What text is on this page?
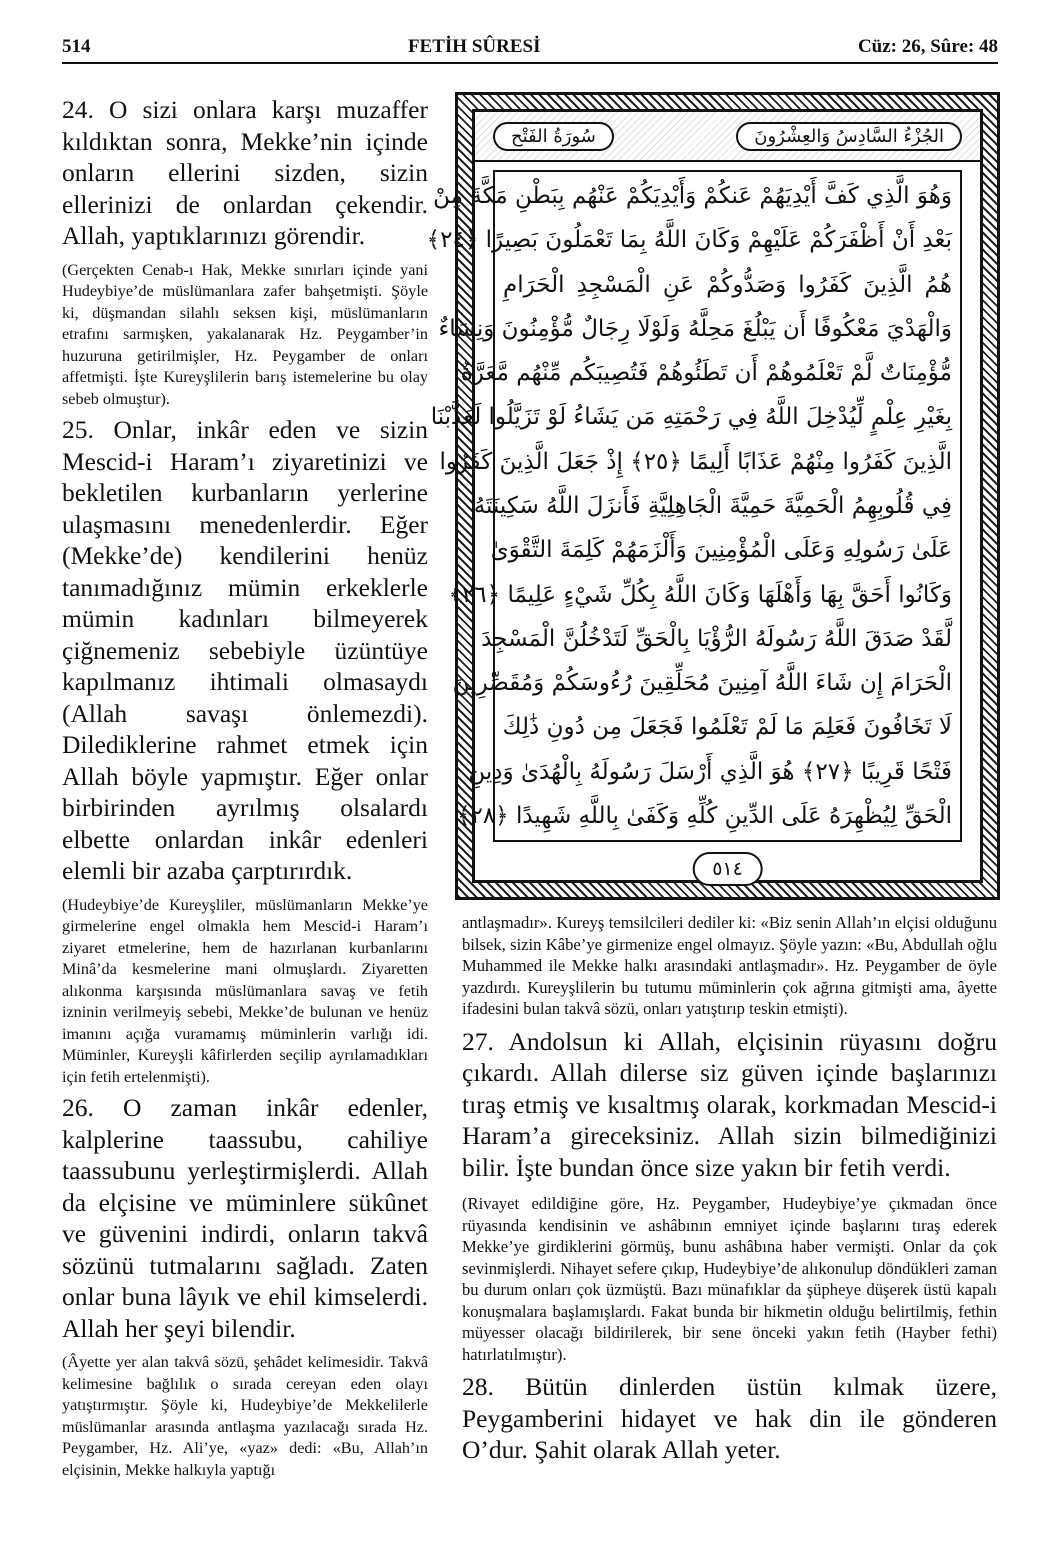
514	FETİH SÛRESİ	Cüz: 26, Sûre: 48

24. O sizi onlara karşı muzaffer kıldıktan sonra, Mekke’nin içinde onların ellerini sizden, sizin ellerinizi de onlardan çekendir. Allah, yaptıklarınızı görendir.

(Gerçekten Cenab-ı Hak, Mekke sınırları içinde yani Hudeybiye’de müslümanlara zafer bahşetmişti. Şöyle ki, düşmandan silahlı seksen kişi, müslümanların etrafını sarmışken, yakalanarak Hz. Peygamber’in huzuruna getirilmişler, Hz. Peygamber de onları affetmişti. İşte Kureyşlilerin barış istemelerine bu olay sebeb olmuştur).

25. Onlar, inkâr eden ve sizin Mescid-i Haram’ı ziyaretinizi ve bekletilen kurbanların yerlerine ulaşmasını menedenlerdir. Eğer (Mekke’de) kendilerini henüz tanımadığınız mümin erkeklerle mümin kadınları bilmeyerek çiğnemeniz sebebiyle üzüntüye kapılmanız ihtimali olmasaydı (Allah savaşı önlemezdi). Dilediklerine rahmet etmek için Allah böyle yapmıştır. Eğer onlar birbirinden ayrılmış olsalardı elbette onlardan inkâr edenleri elemli bir azaba çarptırırdık.

(Hudeybiye’de Kureyşliler, müslümanların Mekke’ye girmelerine engel olmakla hem Mescid-i Haram’ı ziyaret etmelerine, hem de hazırlanan kurbanlarını Minâ’da kesmelerine mani olmuşlardı. Ziyaretten alıkonma karşısında müslümanlara savaş ve fetih izninin verilmeyiş sebebi, Mekke’de bulunan ve henüz imanını açığa vuramamış müminlerin varlığı idi. Müminler, Kureyşli kâfirlerden seçilip ayrılamadıkları için fetih ertelenmişti).

26. O zaman inkâr edenler, kalplerine taassubu, cahiliye taassubunu yerleştirmişlerdi. Allah da elçisine ve müminlere sükûnet ve güvenini indirdi, onların takvâ sözünü tutmalarını sağladı. Zaten onlar buna lâyık ve ehil kimselerdi. Allah her şeyi bilendir.

(Âyette yer alan takvâ sözü, şehâdet kelimesidir. Takvâ kelimesine bağlılık o sırada cereyan eden olayı yatıştırmıştır. Şöyle ki, Hudeybiye’de Mekkelilerle müslümanlar arasında antlaşma yazılacağı sırada Hz. Peygamber, Hz. Ali’ye, «yaz» dedi: «Bu, Allah’ın elçisinin, Mekke halkıyla yaptığı

سُورَةُ الفَتْح	الجُزْءُ السَّادِسُ وَالعِشْرُونَ
وَهُوَ الَّذِي كَفَّ أَيْدِيَهُمْ عَنكُمْ وَأَيْدِيَكُمْ عَنْهُم بِبَطْنِ مَكَّةَ مِنْ
بَعْدِ أَنْ أَظْفَرَكُمْ عَلَيْهِمْ وَكَانَ اللَّهُ بِمَا تَعْمَلُونَ بَصِيرًا ﴿٢٤﴾
هُمُ الَّذِينَ كَفَرُوا وَصَدُّوكُمْ عَنِ الْمَسْجِدِ الْحَرَامِ
وَالْهَدْيَ مَعْكُوفًا أَن يَبْلُغَ مَحِلَّهُ وَلَوْلَا رِجَالٌ مُّؤْمِنُونَ وَنِسَاءٌ
مُّؤْمِنَاتٌ لَّمْ تَعْلَمُوهُمْ أَن تَطَئُوهُمْ فَتُصِيبَكُم مِّنْهُم مَّعَرَّةٌ
بِغَيْرِ عِلْمٍ لِّيُدْخِلَ اللَّهُ فِي رَحْمَتِهِ مَن يَشَاءُ لَوْ تَزَيَّلُوا لَعَذَّبْنَا
الَّذِينَ كَفَرُوا مِنْهُمْ عَذَابًا أَلِيمًا ﴿٢٥﴾ إِذْ جَعَلَ الَّذِينَ كَفَرُوا
فِي قُلُوبِهِمُ الْحَمِيَّةَ حَمِيَّةَ الْجَاهِلِيَّةِ فَأَنزَلَ اللَّهُ سَكِينَتَهُ
عَلَىٰ رَسُولِهِ وَعَلَى الْمُؤْمِنِينَ وَأَلْزَمَهُمْ كَلِمَةَ التَّقْوَىٰ
وَكَانُوا أَحَقَّ بِهَا وَأَهْلَهَا وَكَانَ اللَّهُ بِكُلِّ شَيْءٍ عَلِيمًا ﴿٢٦﴾
لَّقَدْ صَدَقَ اللَّهُ رَسُولَهُ الرُّؤْيَا بِالْحَقِّ لَتَدْخُلُنَّ الْمَسْجِدَ
الْحَرَامَ إِن شَاءَ اللَّهُ آمِنِينَ مُحَلِّقِينَ رُءُوسَكُمْ وَمُقَصِّرِينَ
لَا تَخَافُونَ فَعَلِمَ مَا لَمْ تَعْلَمُوا فَجَعَلَ مِن دُونِ ذَٰلِكَ
فَتْحًا قَرِيبًا ﴿٢٧﴾ هُوَ الَّذِي أَرْسَلَ رَسُولَهُ بِالْهُدَىٰ وَدِينِ
الْحَقِّ لِيُظْهِرَهُ عَلَى الدِّينِ كُلِّهِ وَكَفَىٰ بِاللَّهِ شَهِيدًا ﴿٢٨﴾
٥١٤

antlaşmadır». Kureyş temsilcileri dediler ki: «Biz senin Allah’ın elçisi olduğunu bilsek, sizin Kâbe’ye girmenize engel olmayız. Şöyle yazın: «Bu, Abdullah oğlu Muhammed ile Mekke halkı arasındaki antlaşmadır». Hz. Peygamber de öyle yazdırdı. Kureyşlilerin bu tutumu müminlerin çok ağrına gitmişti ama, âyette ifadesini bulan takvâ sözü, onları yatıştırıp teskin etmişti).

27. Andolsun ki Allah, elçisinin rüyasını doğru çıkardı. Allah dilerse siz güven içinde başlarınızı tıraş etmiş ve kısaltmış olarak, korkmadan Mescid-i Haram’a gireceksiniz. Allah sizin bilmediğinizi bilir. İşte bundan önce size yakın bir fetih verdi.

(Rivayet edildiğine göre, Hz. Peygamber, Hudeybiye’ye çıkmadan önce rüyasında kendisinin ve ashâbının emniyet içinde başlarını tıraş ederek Mekke’ye girdiklerini görmüş, bunu ashâbına haber vermişti. Onlar da çok sevinmişlerdi. Nihayet sefere çıkıp, Hudeybiye’de alıkonulup döndükleri zaman bu durum onları çok üzmüştü. Bazı münafıklar da şüpheye düşerek üstü kapalı konuşmalara başlamışlardı. Fakat bunda bir hikmetin olduğu belirtilmiş, fethin müyesser olacağı bildirilerek, bir sene önceki yakın fetih (Hayber fethi) hatırlatılmıştır).

28. Bütün dinlerden üstün kılmak üzere, Peygamberini hidayet ve hak din ile gönderen O’dur. Şahit olarak Allah yeter.
